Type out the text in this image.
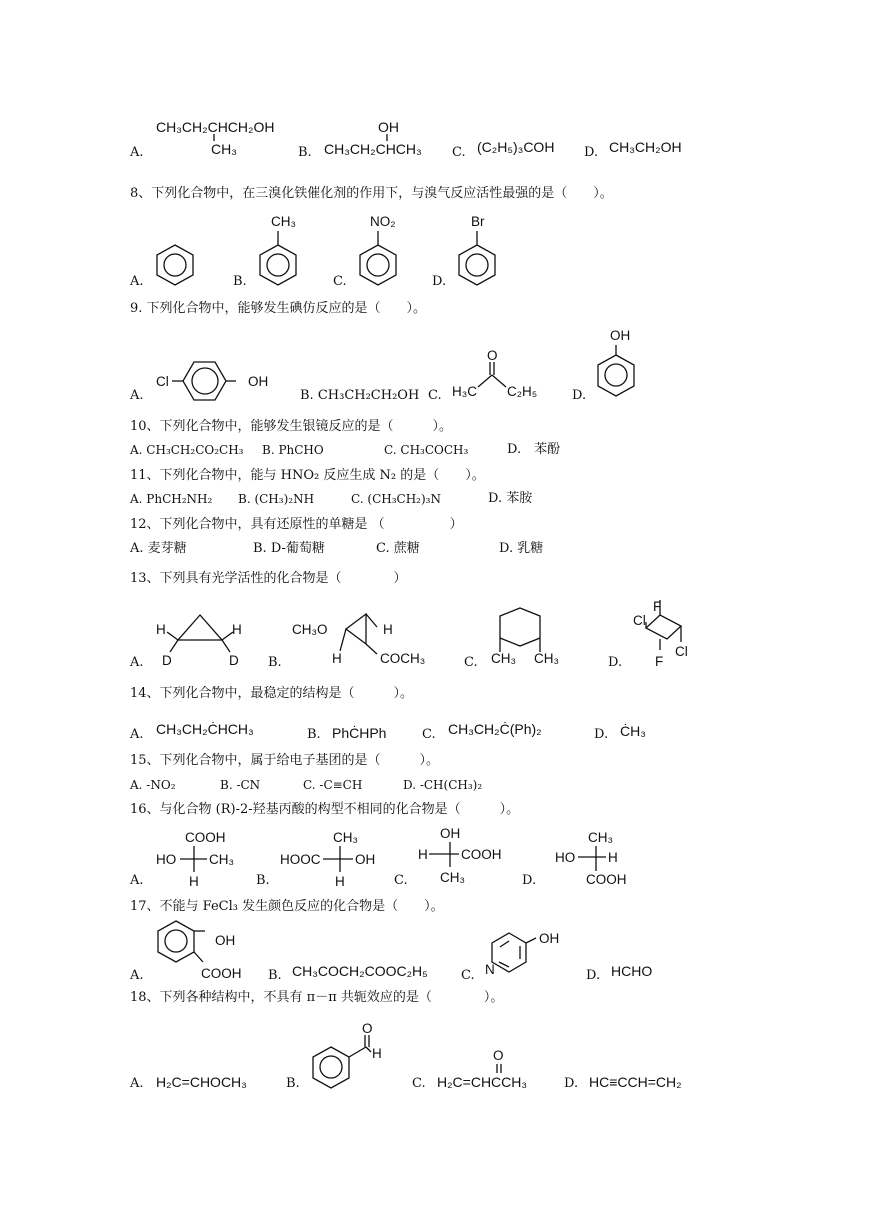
A.
CH₃CH₂CHCH₂OH
CH₃	B.
OH
CH₃CH₂CHCH₃ C. (C₂H₅)₃COH D. CH₃CH₂OH
8、下列化合物中，在三溴化铁催化剂的作用下，与溴气反应活性最强的是（　　）。
A.	B.
CH₃
C.
NO₂
D.
Br
9. 下列化合物中，能够发生碘仿反应的是（　　）。
A.
Cl	OH
B. CH₃CH₂CH₂OH C. H₃C
O
C₂H₅	D.
OH
10、下列化合物中，能够发生银镜反应的是（　　　）。
A. CH₃CH₂CO₂CH₃ B. PhCHO	C. CH₃COCH₃	D.　苯酚
11、下列化合物中，能与 HNO₂ 反应生成 N₂ 的是（　　）。
A. PhCH₂NH₂ B. (CH₃)₂NH	C. (CH₃CH₂)₃N	D. 苯胺
12、下列化合物中，具有还原性的单糖是 （　　　　　）
A. 麦芽糖	B. D-葡萄糖	C. 蔗糖	D. 乳糖
13、下列具有光学活性的化合物是（　　　　）
A.
H	H
D	D B.
CH₃O
H
H
COCH₃	C. CH₃ CH₃	D.
Cl
F
F
Cl
14、下列化合物中，最稳定的结构是（　　　）。
A. CH₃CH₂ĊHCH₃	B. PhĊHPh	C. CH₃CH₂Ċ(Ph)₂	D. ĊH₃
15、下列化合物中，属于给电子基团的是（　　　）。
A. -NO₂	B. -CN	C. -C≡CH	D. -CH(CH₃)₂
16、与化合物 (R)-2-羟基丙酸的构型不相同的化合物是（　　　）。
A.
COOH
HO CH₃
H	B.
CH₃
HOOC	OH
H	C.
OH
H COOH
CH₃	D.
CH₃
HO H
COOH
17、不能与 FeCl₃ 发生颜色反应的化合物是（　　）。
A.
OH
COOH B. CH₃COCH₂COOC₂H₅	C. N
OH
D. HCHO
18、下列各种结构中，不具有 π－π 共轭效应的是（　　　　）。
A. H₂C=CHOCH₃	B.
O
H
C.
O
H₂C=CHCCH₃	D. HC≡CCH=CH₂
